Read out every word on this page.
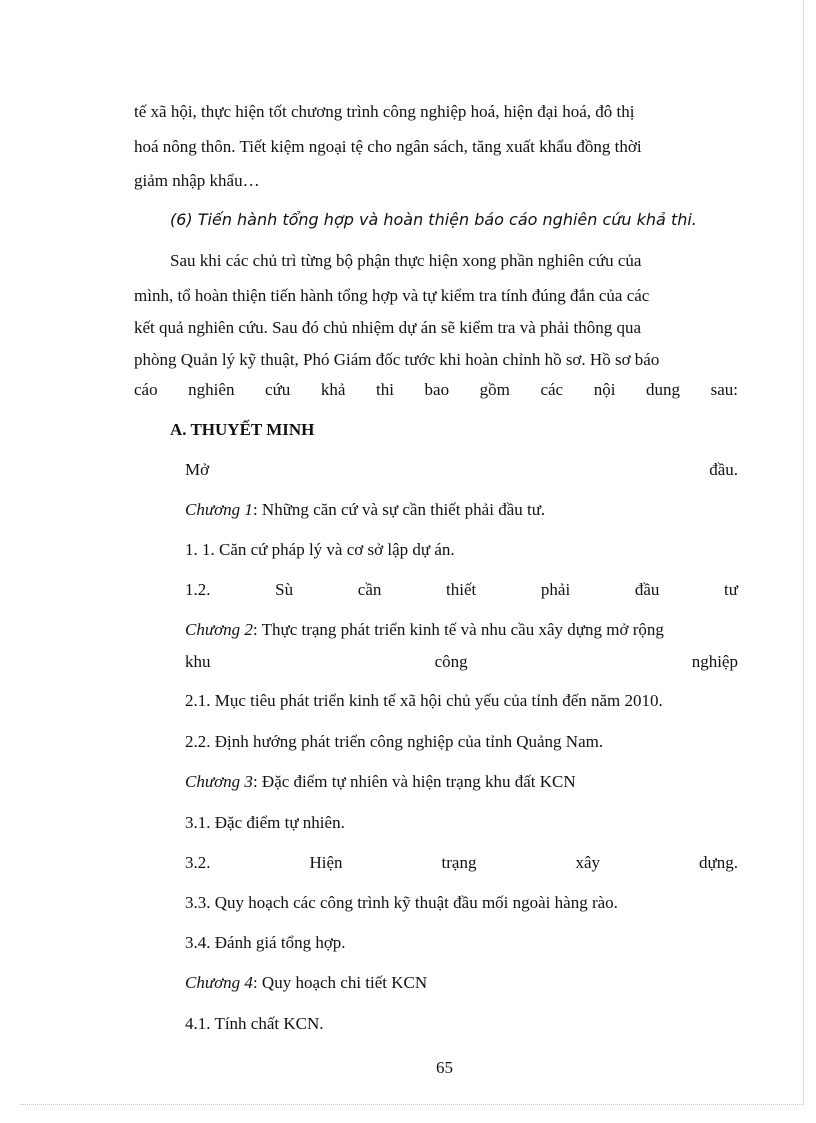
tế xã hội, thực hiện tốt chương trình công nghiệp hoá, hiện đại hoá, đô thị
hoá nông thôn. Tiết kiệm ngoại tệ cho ngân sách, tăng xuất khẩu đồng thời
giảm nhập khẩu…
(6) Tiến hành tổng hợp và hoàn thiện báo cáo nghiên cứu khả thi.
Sau khi các chủ trì từng bộ phận thực hiện xong phần nghiên cứu của
mình, tổ hoàn thiện tiến hành tổng hợp và tự kiểm tra tính đúng đắn của các
kết quả nghiên cứu. Sau đó chủ nhiệm dự án sẽ kiểm tra và phải thông qua
phòng Quản lý kỹ thuật, Phó Giám đốc tước khi hoàn chỉnh hồ sơ. Hồ sơ báo
cáo nghiên cứu khả thi bao gồm các nội dung sau:
A. THUYẾT MINH
Mở	đầu.
Chương 1: Những căn cứ và sự cần thiết phải đầu tư.
1. 1. Căn cứ pháp lý và cơ sở lập dự án.
1.2.	Sù	cần	thiết	phải	đầu	tư
Chương 2: Thực trạng phát triển kinh tế và nhu cầu xây dựng mở rộng
khu	công	nghiệp
2.1. Mục tiêu phát triển kinh tế xã hội chủ yếu của tỉnh đến năm 2010.
2.2. Định hướng phát triển công nghiệp của tỉnh Quảng Nam.
Chương 3: Đặc điểm tự nhiên và hiện trạng khu đất KCN
3.1. Đặc điểm tự nhiên.
3.2.	Hiện	trạng	xây	dựng.
3.3. Quy hoạch các công trình kỹ thuật đầu mối ngoài hàng rào.
3.4. Đánh giá tổng hợp.
Chương 4: Quy hoạch chi tiết KCN
4.1. Tính chất KCN.
65
